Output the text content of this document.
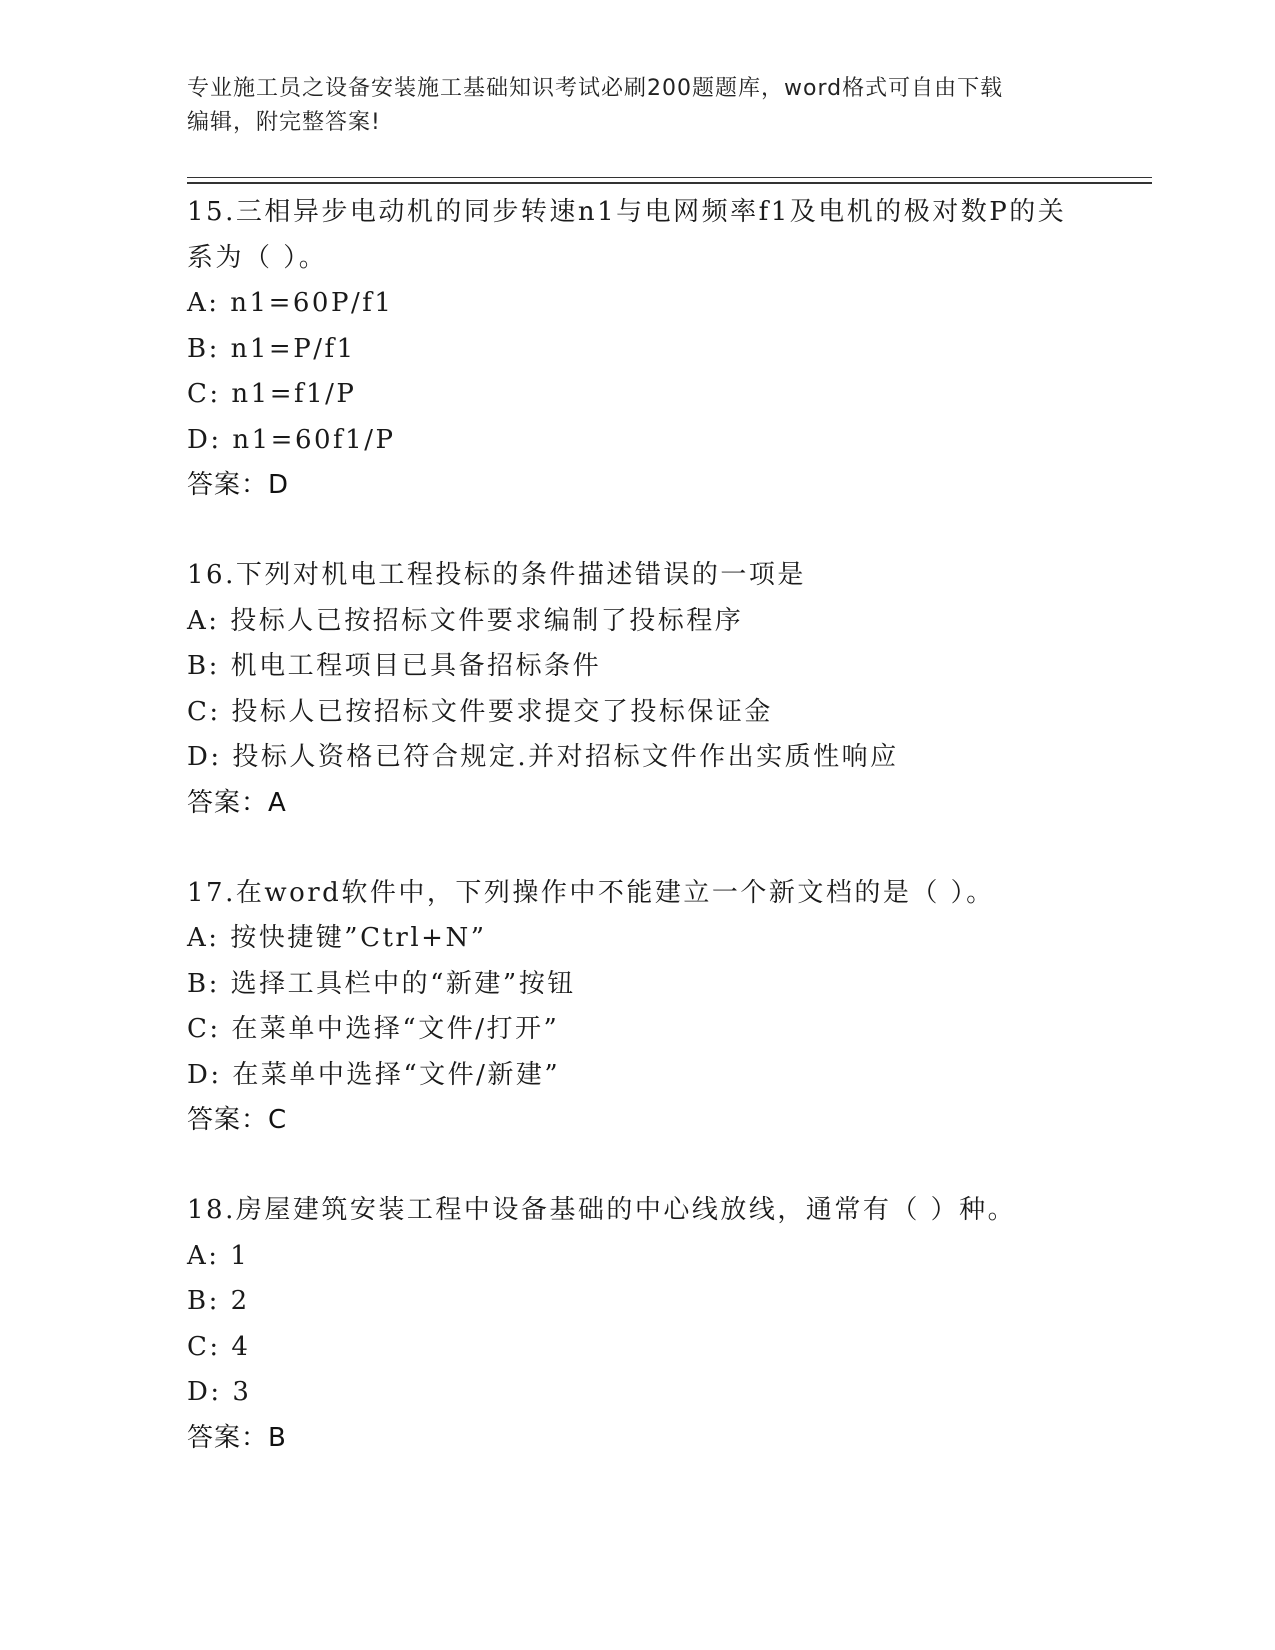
专业施工员之设备安装施工基础知识考试必刷200题题库，word格式可自由下载
编辑，附完整答案!
15.三相异步电动机的同步转速n1与电网频率f1及电机的极对数P的关系为（ ）。
A: n1=60P/f1
B: n1=P/f1
C: n1=f1/P
D: n1=60f1/P
答案：D
16.下列对机电工程投标的条件描述错误的一项是
A: 投标人已按招标文件要求编制了投标程序
B: 机电工程项目已具备招标条件
C: 投标人已按招标文件要求提交了投标保证金
D: 投标人资格已符合规定.并对招标文件作出实质性响应
答案：A
17.在word软件中，下列操作中不能建立一个新文档的是（ ）。
A: 按快捷键”Ctrl+N”
B: 选择工具栏中的“新建”按钮
C: 在菜单中选择“文件/打开”
D: 在菜单中选择“文件/新建”
答案：C
18.房屋建筑安装工程中设备基础的中心线放线，通常有（ ）种。
A: 1
B: 2
C: 4
D: 3
答案：B
